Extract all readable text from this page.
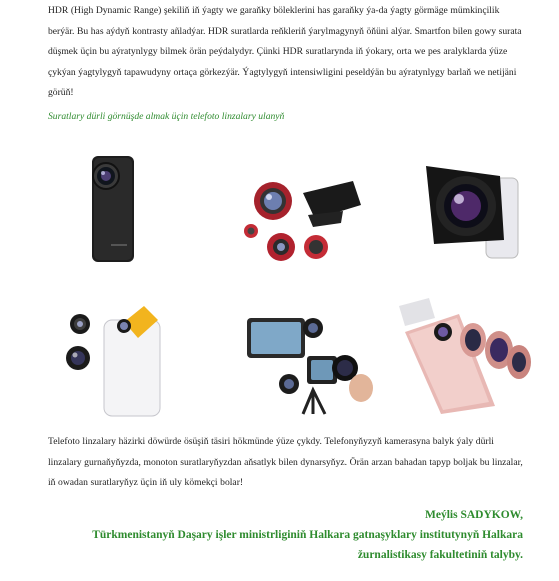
HDR (High Dynamic Range) şekiliň iň ýagty we garaňky böleklerini has garaňky ýa-da ýagty görmäge mümkinçilik berýär. Bu has aýdyň kontrasty añladýar. HDR suratlarda reňkleriň ýarylmagynyň öňüni alýar. Smartfon bilen gowy surata düşmek üçin bu aýratynlygy bilmek örän peýdalydyr. Çünki HDR suratlarynda iň ýokary, orta we pes aralyklarda ýüze çykýan ýagtylygyň tapawudyny ortaça görkezýär. Ýagtylygyň intensiwligini peseldýän bu aýratynlygy barlaň we netijäni görüň!

Suratlary dürli görnüşde almak üçin telefoto linzalary ulanyň

Telefoto linzalary häzirki döwürde ösüşiň täsiri hökmünde ýüze çykdy. Telefonyňyzyň kamerasyna balyk ýaly dürli linzalary gurnaňyňyzda, monoton suratlaryňyzdan aňsatlyk bilen dynarsyňyz. Örän arzan bahadan tapyp boljak bu linzalar, iň owadan suratlaryňyz üçin iň uly kömekçi bolar!

Meýlis SADYKOW,
Türkmenistanyň Daşary işler ministrliginiň Halkara gatnaşyklary institutynyň Halkara
žurnalistikasy fakultetiniň talyby.
